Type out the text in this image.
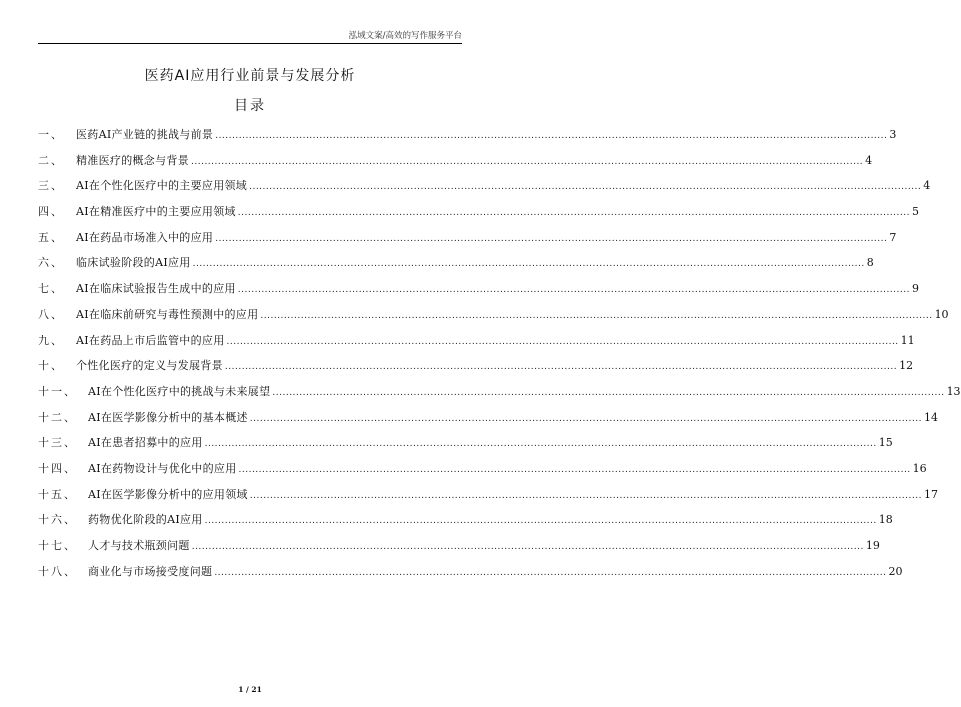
泓域文案/高效的写作服务平台
医药AI应用行业前景与发展分析
目录
一、	医药AI产业链的挑战与前景 ........................................................................................................................................................................................................ 3
二、	精准医疗的概念与背景 ........................................................................................................................................................................................................ 4
三、	AI在个性化医疗中的主要应用领域 ........................................................................................................................................................................................................ 4
四、	AI在精准医疗中的主要应用领域 ........................................................................................................................................................................................................ 5
五、	AI在药品市场准入中的应用 ........................................................................................................................................................................................................ 7
六、	临床试验阶段的AI应用 ........................................................................................................................................................................................................ 8
七、	AI在临床试验报告生成中的应用 ........................................................................................................................................................................................................ 9
八、	AI在临床前研究与毒性预测中的应用 ........................................................................................................................................................................................................ 10
九、	AI在药品上市后监管中的应用 ........................................................................................................................................................................................................ 11
十、	个性化医疗的定义与发展背景 ........................................................................................................................................................................................................ 12
十一、	AI在个性化医疗中的挑战与未来展望 ........................................................................................................................................................................................................ 13
十二、	AI在医学影像分析中的基本概述 ........................................................................................................................................................................................................ 14
十三、	AI在患者招募中的应用 ........................................................................................................................................................................................................ 15
十四、	AI在药物设计与优化中的应用 ........................................................................................................................................................................................................ 16
十五、	AI在医学影像分析中的应用领域 ........................................................................................................................................................................................................ 17
十六、	药物优化阶段的AI应用 ........................................................................................................................................................................................................ 18
十七、	人才与技术瓶颈问题 ........................................................................................................................................................................................................ 19
十八、	商业化与市场接受度问题 ........................................................................................................................................................................................................ 20
1 / 21
